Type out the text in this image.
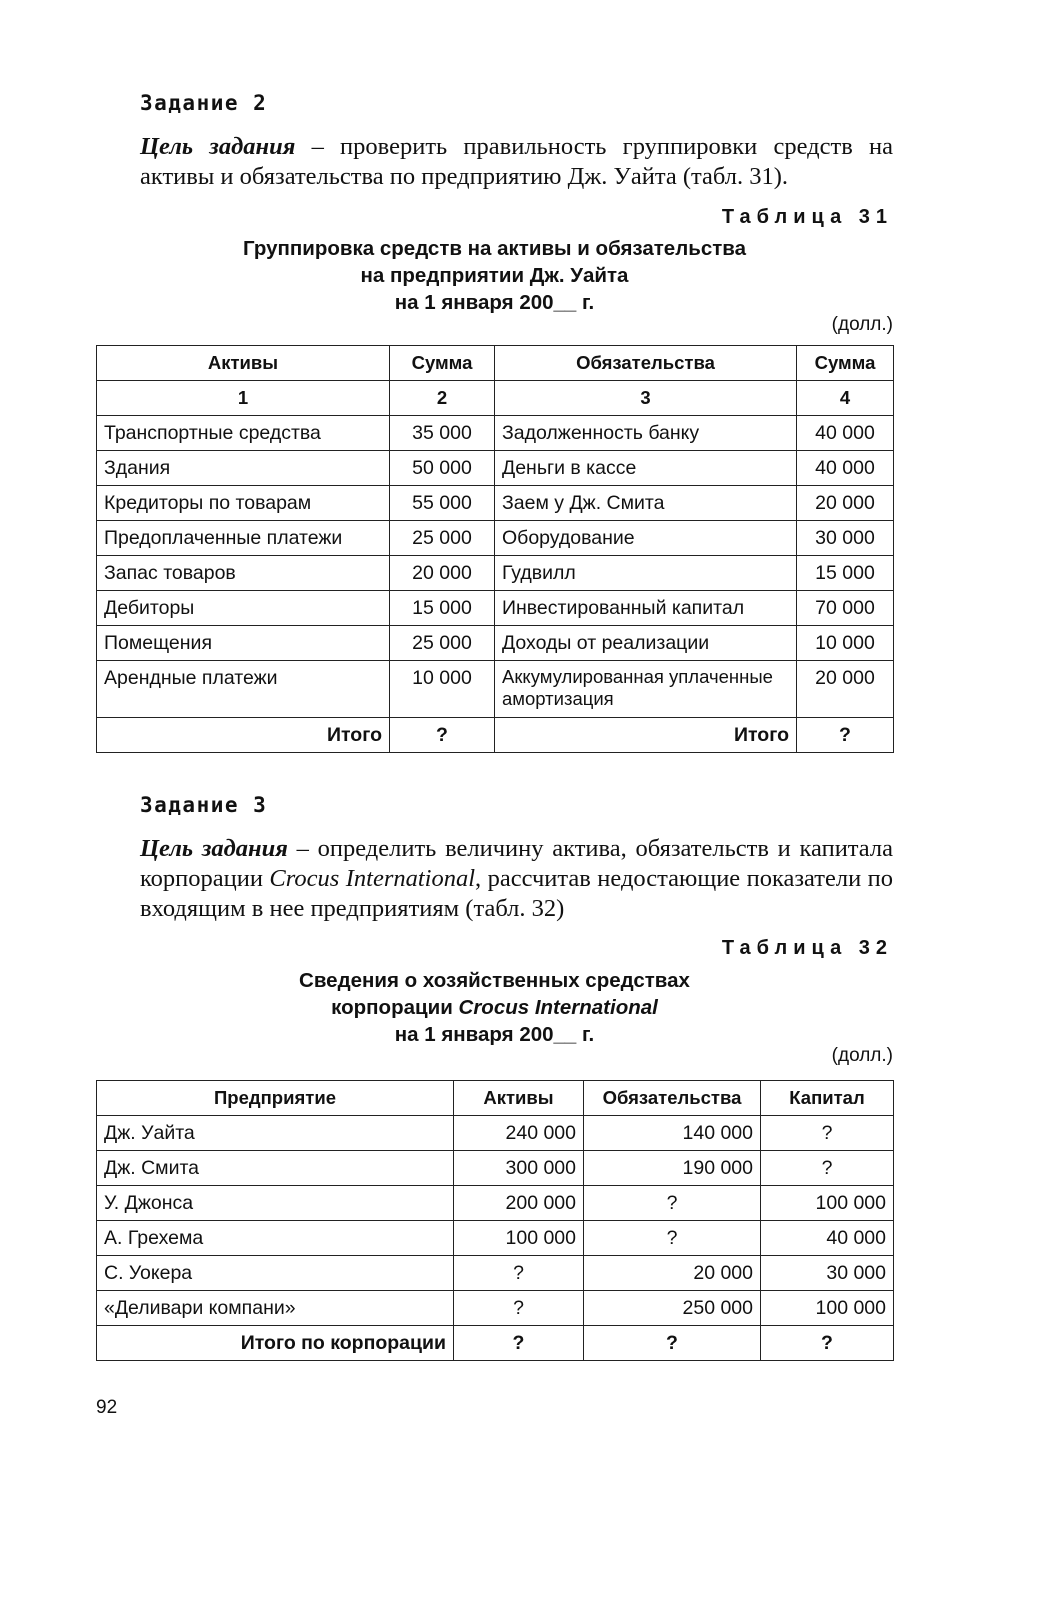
Задание 2
Цель задания – проверить правильность группировки средств на активы и обязательства по предприятию Дж. Уайта (табл. 31).
Таблица 31
Группировка средств на активы и обязательства
на предприятии Дж. Уайта
на 1 января 200__ г.
(долл.)
Активы	Сумма	Обязательства	Сумма
1	2	3	4
Транспортные средства	35 000	Задолженность банку	40 000
Здания	50 000	Деньги в кассе	40 000
Кредиторы по товарам	55 000	Заем у Дж. Смита	20 000
Предоплаченные платежи	25 000	Оборудование	30 000
Запас товаров	20 000	Гудвилл	15 000
Дебиторы	15 000	Инвестированный капитал	70 000
Помещения	25 000	Доходы от реализации	10 000
Арендные платежи	10 000	Аккумулированная уплаченные амортизация	20 000
Итого	?	Итого	?
Задание 3
Цель задания – определить величину актива, обязательств и капитала корпорации Crocus International, рассчитав недостающие показатели по входящим в нее предприятиям (табл. 32)
Таблица 32
Сведения о хозяйственных средствах
корпорации Crocus International
на 1 января 200__ г.
(долл.)
Предприятие	Активы	Обязательства	Капитал
Дж. Уайта	240 000	140 000	?
Дж. Смита	300 000	190 000	?
У. Джонса	200 000	?	100 000
А. Грехема	100 000	?	40 000
С. Уокера	?	20 000	30 000
«Деливари компани»	?	250 000	100 000
Итого по корпорации	?	?	?
92
